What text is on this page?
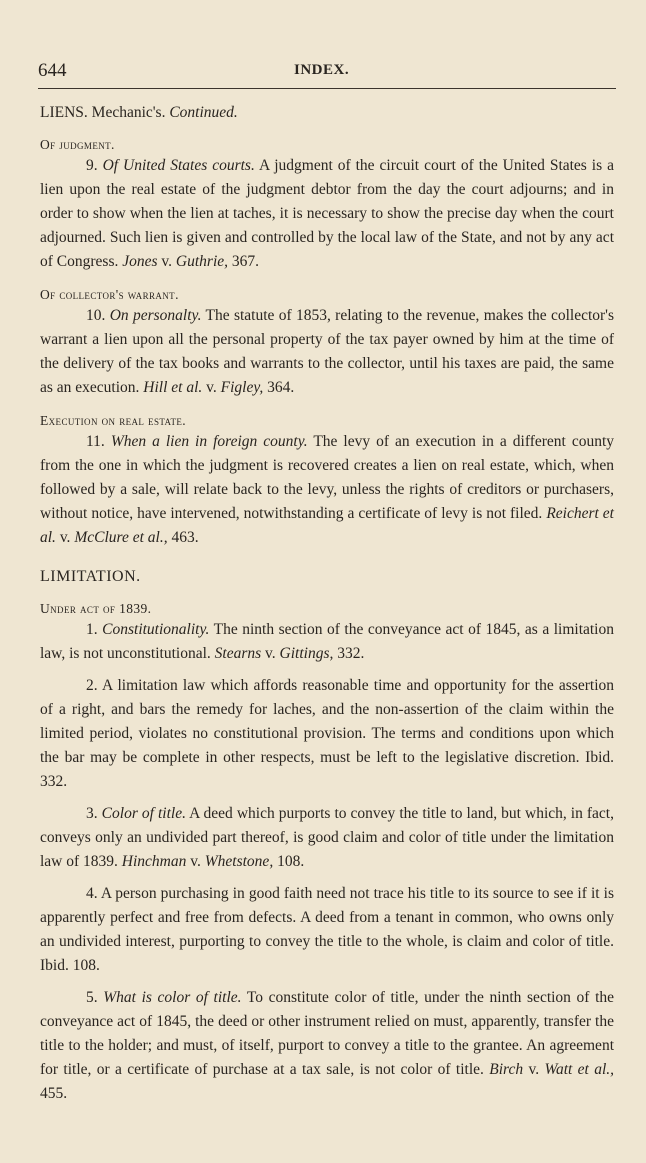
644	INDEX.

LIENS. Mechanic's. Continued.

Of judgment.

9. Of United States courts. A judgment of the circuit court of the United States is a lien upon the real estate of the judgment debtor from the day the court adjourns; and in order to show when the lien at taches, it is necessary to show the precise day when the court adjourned. Such lien is given and controlled by the local law of the State, and not by any act of Congress. Jones v. Guthrie, 367.

Of collector's warrant.

10. On personalty. The statute of 1853, relating to the revenue, makes the collector's warrant a lien upon all the personal property of the tax payer owned by him at the time of the delivery of the tax books and warrants to the collector, until his taxes are paid, the same as an execution. Hill et al. v. Figley, 364.

Execution on real estate.

11. When a lien in foreign county. The levy of an execution in a different county from the one in which the judgment is recovered creates a lien on real estate, which, when followed by a sale, will relate back to the levy, unless the rights of creditors or purchasers, without notice, have intervened, notwithstanding a certificate of levy is not filed. Reichert et al. v. McClure et al., 463.

LIMITATION.

Under act of 1839.

1. Constitutionality. The ninth section of the conveyance act of 1845, as a limitation law, is not unconstitutional. Stearns v. Gittings, 332.

2. A limitation law which affords reasonable time and opportunity for the assertion of a right, and bars the remedy for laches, and the non-assertion of the claim within the limited period, violates no constitutional provision. The terms and conditions upon which the bar may be complete in other respects, must be left to the legislative discretion. Ibid. 332.

3. Color of title. A deed which purports to convey the title to land, but which, in fact, conveys only an undivided part thereof, is good claim and color of title under the limitation law of 1839. Hinchman v. Whetstone, 108.

4. A person purchasing in good faith need not trace his title to its source to see if it is apparently perfect and free from defects. A deed from a tenant in common, who owns only an undivided interest, purporting to convey the title to the whole, is claim and color of title. Ibid. 108.

5. What is color of title. To constitute color of title, under the ninth section of the conveyance act of 1845, the deed or other instrument relied on must, apparently, transfer the title to the holder; and must, of itself, purport to convey a title to the grantee. An agreement for title, or a certificate of purchase at a tax sale, is not color of title. Birch v. Watt et al., 455.
